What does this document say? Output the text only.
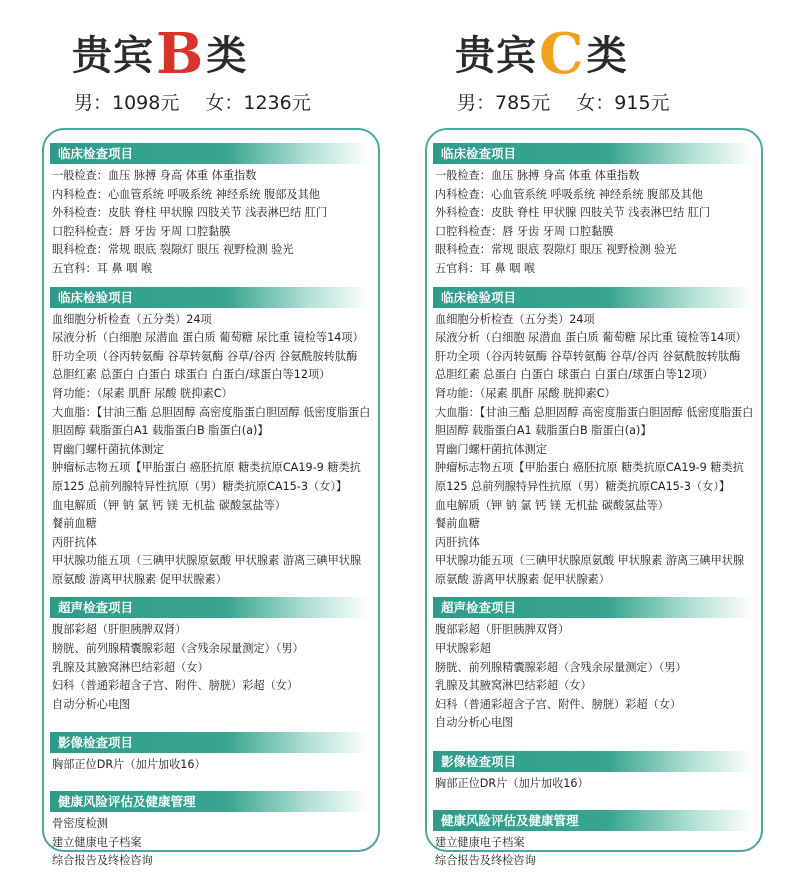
贵宾B类
男：1098元 女：1236元
临床检查项目
一般检查：血压 脉搏 身高 体重 体重指数
内科检查：心血管系统 呼吸系统 神经系统 腹部及其他
外科检查：皮肤 脊柱 甲状腺 四肢关节 浅表淋巴结 肛门
口腔科检查：唇 牙齿 牙周 口腔黏膜
眼科检查：常规 眼底 裂隙灯 眼压 视野检测 验光
五官科：耳 鼻 咽 喉
临床检验项目
血细胞分析检查（五分类）24项
尿液分析（白细胞 尿潜血 蛋白质 葡萄糖 尿比重 镜检等14项）
肝功全项（谷丙转氨酶 谷草转氨酶 谷草/谷丙 谷氨酰胺转肽酶
总胆红素 总蛋白 白蛋白 球蛋白 白蛋白/球蛋白等12项）
肾功能：（尿素 肌酐 尿酸 胱抑素C）
大血脂：【甘油三酯 总胆固醇 高密度脂蛋白胆固醇 低密度脂蛋白
胆固醇 载脂蛋白A1 载脂蛋白B 脂蛋白(a)】
胃幽门螺杆菌抗体测定
肿瘤标志物五项【甲胎蛋白 癌胚抗原 糖类抗原CA19-9 糖类抗
原125 总前列腺特异性抗原（男）糖类抗原CA15-3（女）】
血电解质（钾 钠 氯 钙 镁 无机盐 碳酸氢盐等）
餐前血糖
丙肝抗体
甲状腺功能五项（三碘甲状腺原氨酸 甲状腺素 游离三碘甲状腺
原氨酸 游离甲状腺素 促甲状腺素）
超声检查项目
腹部彩超（肝胆胰脾双肾）
膀胱、前列腺精囊腺彩超（含残余尿量测定）（男）
乳腺及其腋窝淋巴结彩超（女）
妇科（普通彩超含子宫、附件、膀胱）彩超（女）
自动分析心电图
影像检查项目
胸部正位DR片（加片加收16）
健康风险评估及健康管理
骨密度检测
建立健康电子档案
综合报告及终检咨询
贵宾C类
男：785元 女：915元
临床检查项目
一般检查：血压 脉搏 身高 体重 体重指数
内科检查：心血管系统 呼吸系统 神经系统 腹部及其他
外科检查：皮肤 脊柱 甲状腺 四肢关节 浅表淋巴结 肛门
口腔科检查：唇 牙齿 牙周 口腔黏膜
眼科检查：常规 眼底 裂隙灯 眼压 视野检测 验光
五官科：耳 鼻 咽 喉
临床检验项目
血细胞分析检查（五分类）24项
尿液分析（白细胞 尿潜血 蛋白质 葡萄糖 尿比重 镜检等14项）
肝功全项（谷丙转氨酶 谷草转氨酶 谷草/谷丙 谷氨酰胺转肽酶
总胆红素 总蛋白 白蛋白 球蛋白 白蛋白/球蛋白等12项）
肾功能：（尿素 肌酐 尿酸 胱抑素C）
大血脂：【甘油三酯 总胆固醇 高密度脂蛋白胆固醇 低密度脂蛋白
胆固醇 载脂蛋白A1 载脂蛋白B 脂蛋白(a)】
胃幽门螺杆菌抗体测定
肿瘤标志物五项【甲胎蛋白 癌胚抗原 糖类抗原CA19-9 糖类抗
原125 总前列腺特异性抗原（男）糖类抗原CA15-3（女）】
血电解质（钾 钠 氯 钙 镁 无机盐 碳酸氢盐等）
餐前血糖
丙肝抗体
甲状腺功能五项（三碘甲状腺原氨酸 甲状腺素 游离三碘甲状腺
原氨酸 游离甲状腺素 促甲状腺素）
超声检查项目
腹部彩超（肝胆胰脾双肾）
甲状腺彩超
膀胱、前列腺精囊腺彩超（含残余尿量测定）（男）
乳腺及其腋窝淋巴结彩超（女）
妇科（普通彩超含子宫、附件、膀胱）彩超（女）
自动分析心电图
影像检查项目
胸部正位DR片（加片加收16）
健康风险评估及健康管理
建立健康电子档案
综合报告及终检咨询
